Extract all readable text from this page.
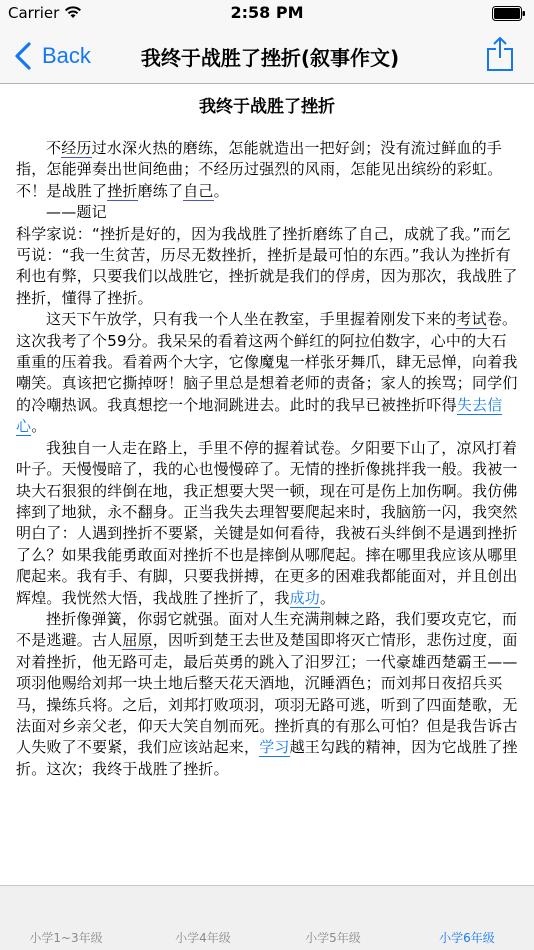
Carrier	2:58 PM
Back	我终于战胜了挫折(叙事作文)
我终于战胜了挫折

不经历过水深火热的磨练，怎能就造出一把好剑；没有流过鲜血的手指，怎能弹奏出世间绝曲；不经历过强烈的风雨，怎能见出缤纷的彩虹。不！是战胜了挫折磨练了自己。

——题记

科学家说：“挫折是好的，因为我战胜了挫折磨练了自己，成就了我。”而乞丐说：“我一生贫苦，历尽无数挫折，挫折是最可怕的东西。”我认为挫折有利也有弊，只要我们以战胜它，挫折就是我们的俘虏，因为那次，我战胜了挫折，懂得了挫折。

这天下午放学，只有我一个人坐在教室，手里握着刚发下来的考试卷。这次我考了个59分。我呆呆的看着这两个鲜红的阿拉伯数字，心中的大石重重的压着我。看着两个大字，它像魔鬼一样张牙舞爪，肆无忌惮，向着我嘲笑。真该把它撕掉呀！脑子里总是想着老师的责备；家人的挨骂；同学们的冷嘲热讽。我真想挖一个地洞跳进去。此时的我早已被挫折吓得失去信心。

我独自一人走在路上，手里不停的握着试卷。夕阳要下山了，凉风打着叶子。天慢慢暗了，我的心也慢慢碎了。无情的挫折像挑拌我一般。我被一块大石狠狠的绊倒在地，我正想要大哭一顿，现在可是伤上加伤啊。我仿佛摔到了地狱，永不翻身。正当我失去理智要爬起来时，我脑筋一闪，我突然明白了：人遇到挫折不要紧，关键是如何看待，我被石头绊倒不是遇到挫折了么？如果我能勇敢面对挫折不也是摔倒从哪爬起。摔在哪里我应该从哪里爬起来。我有手、有脚，只要我拼搏，在更多的困难我都能面对，并且创出辉煌。我恍然大悟，我战胜了挫折了，我成功。

挫折像弹簧，你弱它就强。面对人生充满荆棘之路，我们要攻克它，而不是逃避。古人屈原，因听到楚王去世及楚国即将灭亡情形，悲伤过度，面对着挫折，他无路可走，最后英勇的跳入了汨罗江；一代豪雄西楚霸王——项羽他赐给刘邦一块土地后整天花天酒地，沉睡酒色；而刘邦日夜招兵买马，操练兵将。之后，刘邦打败项羽，项羽无路可逃，听到了四面楚歌，无法面对乡亲父老，仰天大笑自刎而死。挫折真的有那么可怕？但是我告诉古人失败了不要紧，我们应该站起来，学习越王勾践的精神，因为它战胜了挫折。这次；我终于战胜了挫折。

小学1~3年级	小学4年级	小学5年级	小学6年级
